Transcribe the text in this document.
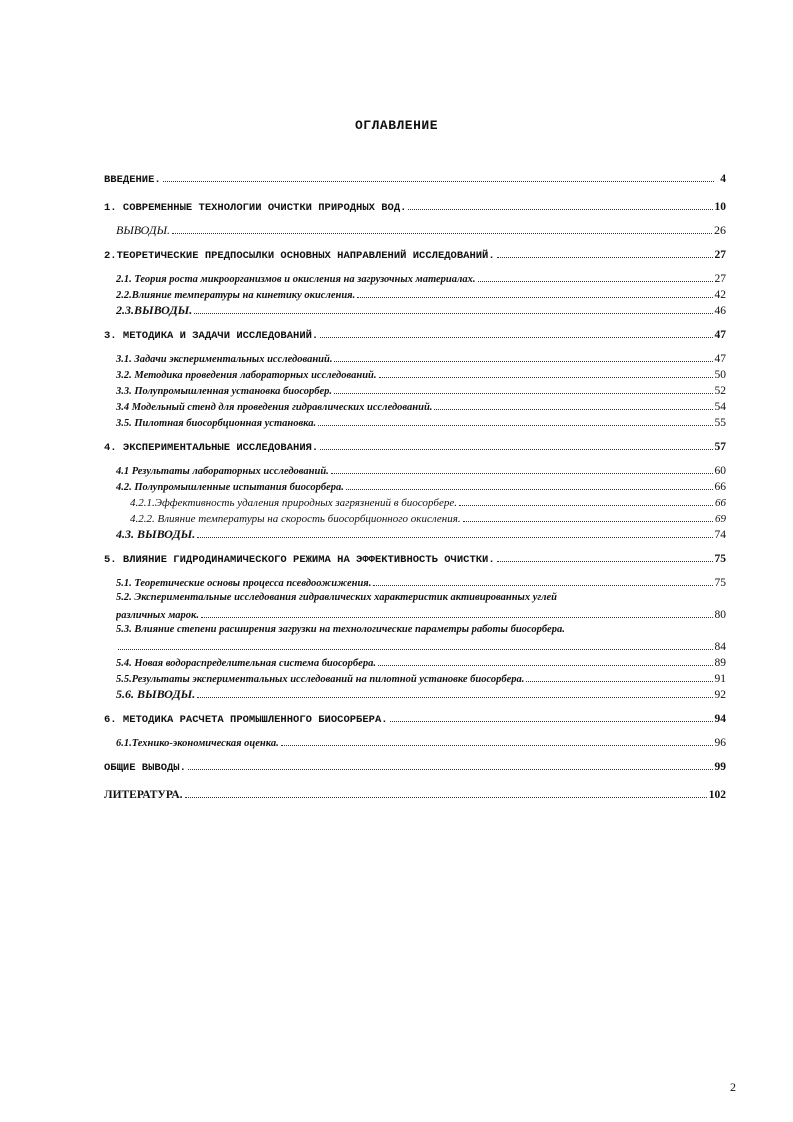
ОГЛАВЛЕНИЕ
ВВЕДЕНИЕ.	4
1. СОВРЕМЕННЫЕ ТЕХНОЛОГИИ ОЧИСТКИ ПРИРОДНЫХ ВОД.	10
ВЫВОДЫ.	26
2.ТЕОРЕТИЧЕСКИЕ ПРЕДПОСЫЛКИ ОСНОВНЫХ НАПРАВЛЕНИЙ ИССЛЕДОВАНИЙ.	27
2.1. Теория роста микроорганизмов и окисления на загрузочных материалах.	27
2.2.Влияние температуры на кинетику окисления.	42
2.3.ВЫВОДЫ.	46
3. МЕТОДИКА И ЗАДАЧИ ИССЛЕДОВАНИЙ.	47
3.1. Задачи экспериментальных исследований.	47
3.2. Методика проведения лабораторных исследований.	50
3.3. Полупромышленная установка биосорбер.	52
3.4 Модельный стенд для проведения гидравлических исследований.	54
3.5. Пилотная биосорбционная установка.	55
4. ЭКСПЕРИМЕНТАЛЬНЫЕ ИССЛЕДОВАНИЯ.	57
4.1 Результаты лабораторных исследований.	60
4.2. Полупромышленные испытания биосорбера.	66
4.2.1.Эффективность удаления природных загрязнений в биосорбере.	66
4.2.2. Влияние температуры на скорость биосорбционного окисления.	69
4.3. ВЫВОДЫ.	74
5. ВЛИЯНИЕ ГИДРОДИНАМИЧЕСКОГО РЕЖИМА НА ЭФФЕКТИВНОСТЬ ОЧИСТКИ.	75
5.1. Теоретические основы процесса псевдоожижения.	75
5.2. Экспериментальные исследования гидравлических характеристик активированных углей
различных марок.	80
5.3. Влияние степени расширения загрузки на технологические параметры работы биосорбера.
84
5.4. Новая водораспределительная система биосорбера.	89
5.5.Результаты экспериментальных исследований на пилотной установке биосорбера.	91
5.6. ВЫВОДЫ.	92
6. МЕТОДИКА РАСЧЕТА ПРОМЫШЛЕННОГО БИОСОРБЕРА.	94
6.1.Технико-экономическая оценка.	96
ОБЩИЕ ВЫВОДЫ.	99
ЛИТЕРАТУРА.	102
2
